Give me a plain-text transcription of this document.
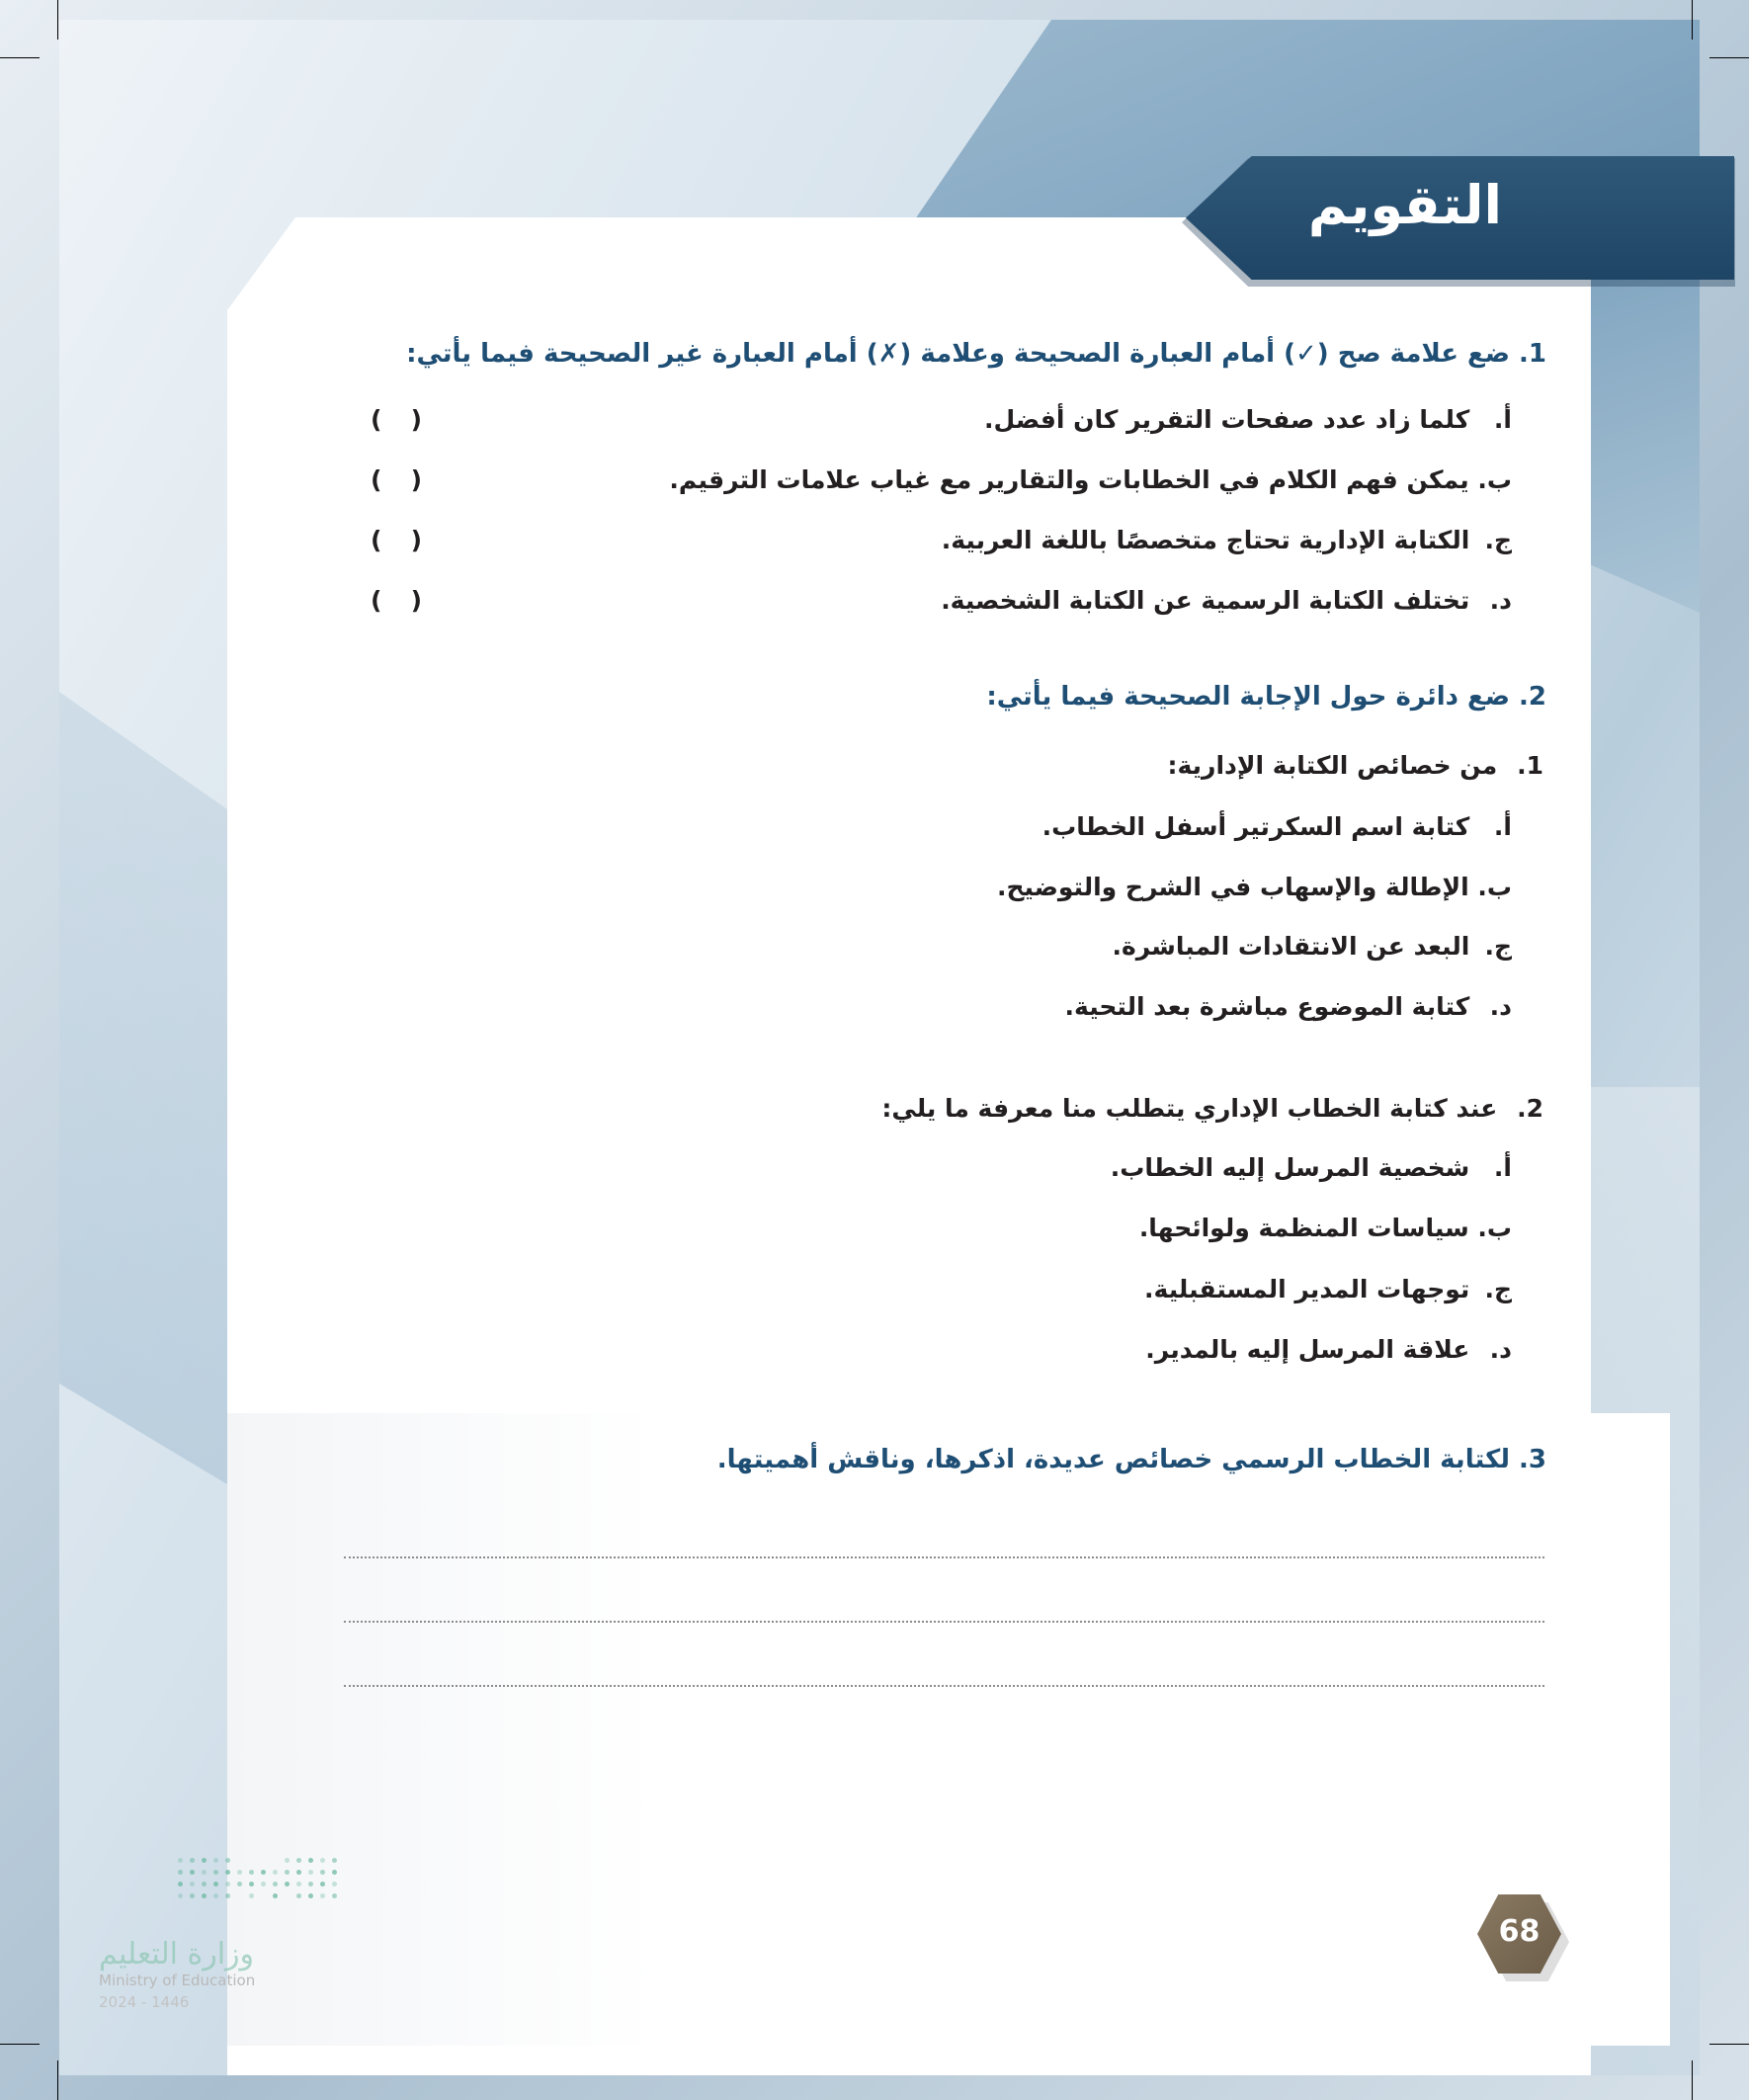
التقويم

1. ضع علامة صح (✓) أمام العبارة الصحيحة وعلامة (✗) أمام العبارة غير الصحيحة فيما يأتي:

أ. كلما زاد عدد صفحات التقرير كان أفضل.

(
)

ب. يمكن فهم الكلام في الخطابات والتقارير مع غياب علامات الترقيم.

(
)

ج. الكتابة الإدارية تحتاج متخصصًا باللغة العربية.

(
)

د. تختلف الكتابة الرسمية عن الكتابة الشخصية.

(
)

2. ضع دائرة حول الإجابة الصحيحة فيما يأتي:

1. من خصائص الكتابة الإدارية:

أ. كتابة اسم السكرتير أسفل الخطاب.

ب. الإطالة والإسهاب في الشرح والتوضيح.

ج. البعد عن الانتقادات المباشرة.

د. كتابة الموضوع مباشرة بعد التحية.

2. عند كتابة الخطاب الإداري يتطلب منا معرفة ما يلي:

أ. شخصية المرسل إليه الخطاب.

ب. سياسات المنظمة ولوائحها.

ج. توجهات المدير المستقبلية.

د. علاقة المرسل إليه بالمدير.

3. لكتابة الخطاب الرسمي خصائص عديدة، اذكرها، وناقش أهميتها.

وزارة التعليم

Ministry of Education

2024 - 1446

68
